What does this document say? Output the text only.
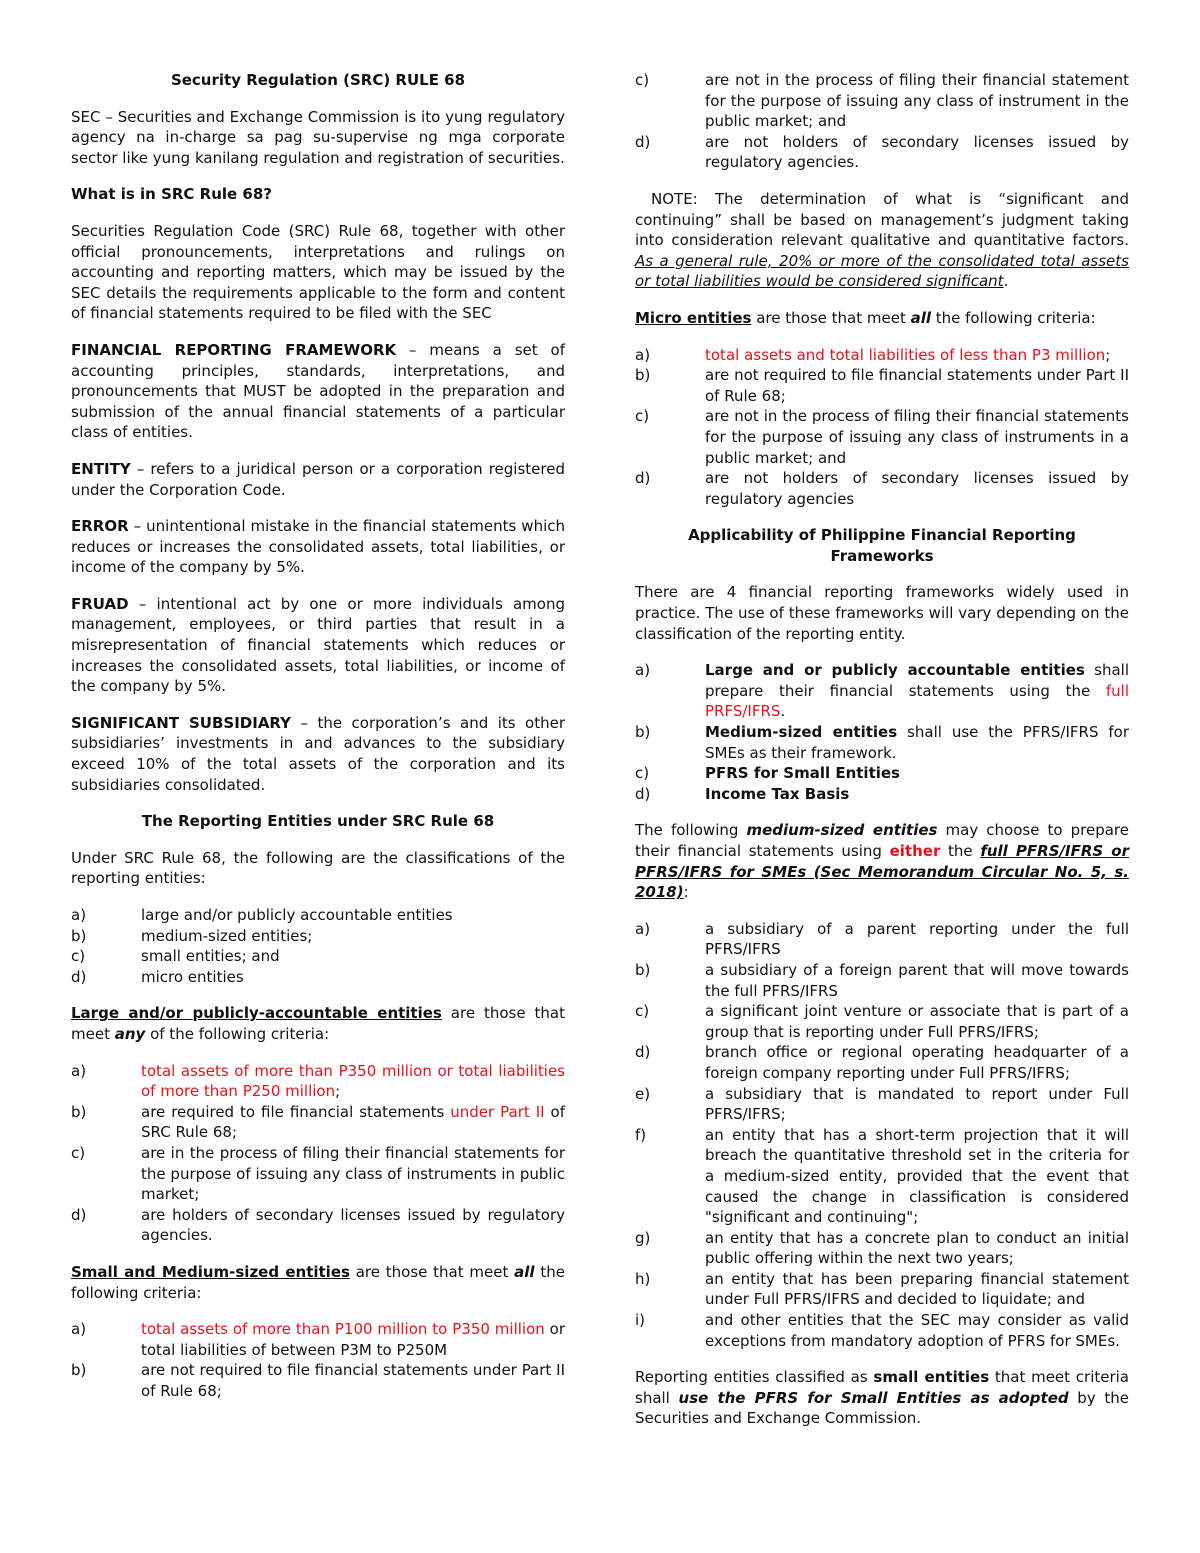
Security Regulation (SRC) RULE 68

SEC – Securities and Exchange Commission is ito yung regulatory agency na in-charge sa pag su-supervise ng mga corporate sector like yung kanilang regulation and registration of securities.

What is in SRC Rule 68?

Securities Regulation Code (SRC) Rule 68, together with other official pronouncements, interpretations and rulings on accounting and reporting matters, which may be issued by the SEC details the requirements applicable to the form and content of financial statements required to be filed with the SEC

FINANCIAL REPORTING FRAMEWORK – means a set of accounting principles, standards, interpretations, and pronouncements that MUST be adopted in the preparation and submission of the annual financial statements of a particular class of entities.

ENTITY – refers to a juridical person or a corporation registered under the Corporation Code.

ERROR – unintentional mistake in the financial statements which reduces or increases the consolidated assets, total liabilities, or income of the company by 5%.

FRUAD – intentional act by one or more individuals among management, employees, or third parties that result in a misrepresentation of financial statements which reduces or increases the consolidated assets, total liabilities, or income of the company by 5%.

SIGNIFICANT SUBSIDIARY – the corporation’s and its other subsidiaries’ investments in and advances to the subsidiary exceed 10% of the total assets of the corporation and its subsidiaries consolidated.

The Reporting Entities under SRC Rule 68

Under SRC Rule 68, the following are the classifications of the reporting entities:

a)	large and/or publicly accountable entities
b)	medium-sized entities;
c)	small entities; and
d)	micro entities

Large and/or publicly-accountable entities are those that meet any of the following criteria:

a)	total assets of more than P350 million or total liabilities of more than P250 million;
b)	are required to file financial statements under Part II of SRC Rule 68;
c)	are in the process of filing their financial statements for the purpose of issuing any class of instruments in public market;
d)	are holders of secondary licenses issued by regulatory agencies.

Small and Medium-sized entities are those that meet all the following criteria:

a)	total assets of more than P100 million to P350 million or total liabilities of between P3M to P250M
b)	are not required to file financial statements under Part II of Rule 68;
c)	are not in the process of filing their financial statement for the purpose of issuing any class of instrument in the public market; and
d)	are not holders of secondary licenses issued by regulatory agencies.

NOTE: The determination of what is “significant and continuing” shall be based on management’s judgment taking into consideration relevant qualitative and quantitative factors. As a general rule, 20% or more of the consolidated total assets or total liabilities would be considered significant.

Micro entities are those that meet all the following criteria:

a)	total assets and total liabilities of less than P3 million;
b)	are not required to file financial statements under Part II of Rule 68;
c)	are not in the process of filing their financial statements for the purpose of issuing any class of instruments in a public market; and
d)	are not holders of secondary licenses issued by regulatory agencies

Applicability of Philippine Financial Reporting Frameworks

There are 4 financial reporting frameworks widely used in practice. The use of these frameworks will vary depending on the classification of the reporting entity.

a)	Large and or publicly accountable entities shall prepare their financial statements using the full PRFS/IFRS.
b)	Medium-sized entities shall use the PFRS/IFRS for SMEs as their framework.
c)	PFRS for Small Entities
d)	Income Tax Basis

The following medium-sized entities may choose to prepare their financial statements using either the full PFRS/IFRS or PFRS/IFRS for SMEs (Sec Memorandum Circular No. 5, s. 2018):

a)	a subsidiary of a parent reporting under the full PFRS/IFRS
b)	a subsidiary of a foreign parent that will move towards the full PFRS/IFRS
c)	a significant joint venture or associate that is part of a group that is reporting under Full PFRS/IFRS;
d)	branch office or regional operating headquarter of a foreign company reporting under Full PFRS/IFRS;
e)	a subsidiary that is mandated to report under Full PFRS/IFRS;
f)	an entity that has a short-term projection that it will breach the quantitative threshold set in the criteria for a medium-sized entity, provided that the event that caused the change in classification is considered "significant and continuing";
g)	an entity that has a concrete plan to conduct an initial public offering within the next two years;
h)	an entity that has been preparing financial statement under Full PFRS/IFRS and decided to liquidate; and
i)	and other entities that the SEC may consider as valid exceptions from mandatory adoption of PFRS for SMEs.

Reporting entities classified as small entities that meet criteria shall use the PFRS for Small Entities as adopted by the Securities and Exchange Commission.
